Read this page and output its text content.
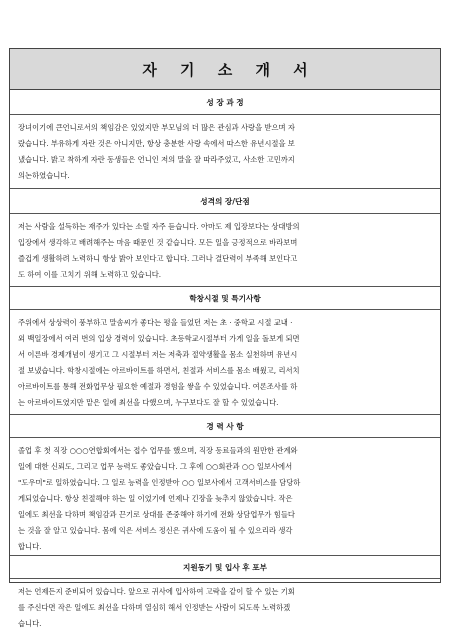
자 기 소 개 서
성 장 과 정
장녀이기에 큰언니로서의 책임감은 있었지만 부모님의 더 많은 관심과 사랑을 받으며 자
랐습니다. 부유하게 자란 것은 아니지만, 항상 충분한 사랑 속에서 따스한 유년시절을 보
냈습니다. 밝고 착하게 자란 동생들은 언니인 저의 말을 잘 따라주었고, 사소한 고민까지
의논하였습니다.
성격의 장/단점
저는 사람을 설득하는 재주가 있다는 소릴 자주 듣습니다. 아마도 제 입장보다는 상대방의
입장에서 생각하고 배려해주는 마음 때문인 것 같습니다. 모든 일을 긍정적으로 바라보며
즐겁게 생활하려 노력하니 항상 밝아 보인다고 합니다. 그러나 결단력이 부족해 보인다고
도 하여 이를 고치기 위해 노력하고 있습니다.
학창시절 및 특기사항
주위에서 상상력이 풍부하고 말솜씨가 좋다는 평을 들었던 저는 초 · 중학교 시절 교내 ·
외 백일장에서 여러 번의 입상 경력이 있습니다. 초등학교시절부터 가게 일을 돌보게 되면
서 이른바 경제개념이 생기고 그 시절부터 저는 저축과 절약생활을 몸소 실천하며 유년시
절 보냈습니다. 학창시절에는 아르바이트를 하면서, 친절과 서비스를 몸소 배웠고, 리서치
아르바이트를 통해 전화업무상 필요한 예절과 경험을 쌓을 수 있었습니다. 여론조사를 하
는 아르바이트였지만 맡은 일에 최선을 다했으며, 누구보다도 잘 할 수 있었습니다.
경 력 사 항
졸업 후 첫 직장 ○○○연합회에서는 접수 업무를 했으며, 직장 동료들과의 원만한 관계와
일에 대한 신뢰도, 그리고 업무 능력도 좋았습니다. 그 후에 ○○회관과 ○○ 일보사에서
"도우미"로 일하였습니다. 그 일로 능력을 인정받아 ○○ 일보사에서 고객서비스를 담당하
게되었습니다. 항상 친절해야 하는 일 이었기에 언제나 긴장을 늦추지 않았습니다. 작은
일에도 최선을 다하며 책임감과 끈기로 상대를 존중해야 하기에 전화 상담업무가 힘들다
는 것을 잘 알고 있습니다. 몸에 익은 서비스 정신은 귀사에 도움이 될 수 있으리라 생각
합니다.
지원동기 및 입사 후 포부
저는 언제든지 준비되어 있습니다. 앞으로 귀사에 입사하여 고락을 같이 할 수 있는 기회
를 주신다면 작은 일에도 최선을 다하며 열심히 해서 인정받는 사람이 되도록 노력하겠
습니다.
